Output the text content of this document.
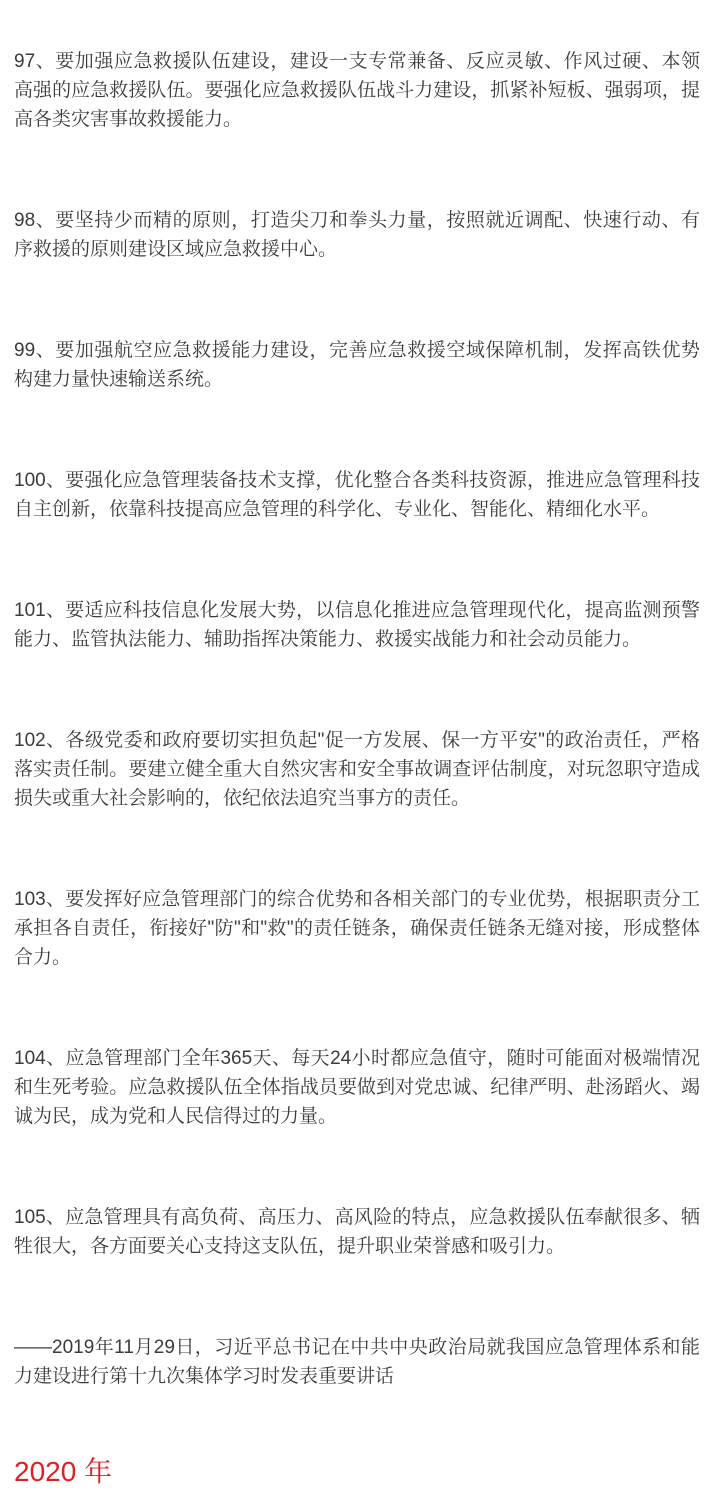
97、要加强应急救援队伍建设，建设一支专常兼备、反应灵敏、作风过硬、本领高强的应急救援队伍。要强化应急救援队伍战斗力建设，抓紧补短板、强弱项，提高各类灾害事故救援能力。

98、要坚持少而精的原则，打造尖刀和拳头力量，按照就近调配、快速行动、有序救援的原则建设区域应急救援中心。

99、要加强航空应急救援能力建设，完善应急救援空域保障机制，发挥高铁优势构建力量快速输送系统。

100、要强化应急管理装备技术支撑，优化整合各类科技资源，推进应急管理科技自主创新，依靠科技提高应急管理的科学化、专业化、智能化、精细化水平。

101、要适应科技信息化发展大势，以信息化推进应急管理现代化，提高监测预警能力、监管执法能力、辅助指挥决策能力、救援实战能力和社会动员能力。

102、各级党委和政府要切实担负起"促一方发展、保一方平安"的政治责任，严格落实责任制。要建立健全重大自然灾害和安全事故调查评估制度，对玩忽职守造成损失或重大社会影响的，依纪依法追究当事方的责任。

103、要发挥好应急管理部门的综合优势和各相关部门的专业优势，根据职责分工承担各自责任，衔接好"防"和"救"的责任链条，确保责任链条无缝对接，形成整体合力。

104、应急管理部门全年365天、每天24小时都应急值守，随时可能面对极端情况和生死考验。应急救援队伍全体指战员要做到对党忠诚、纪律严明、赴汤蹈火、竭诚为民，成为党和人民信得过的力量。

105、应急管理具有高负荷、高压力、高风险的特点，应急救援队伍奉献很多、牺牲很大，各方面要关心支持这支队伍，提升职业荣誉感和吸引力。

——2019年11月29日，习近平总书记在中共中央政治局就我国应急管理体系和能力建设进行第十九次集体学习时发表重要讲话

2020 年
